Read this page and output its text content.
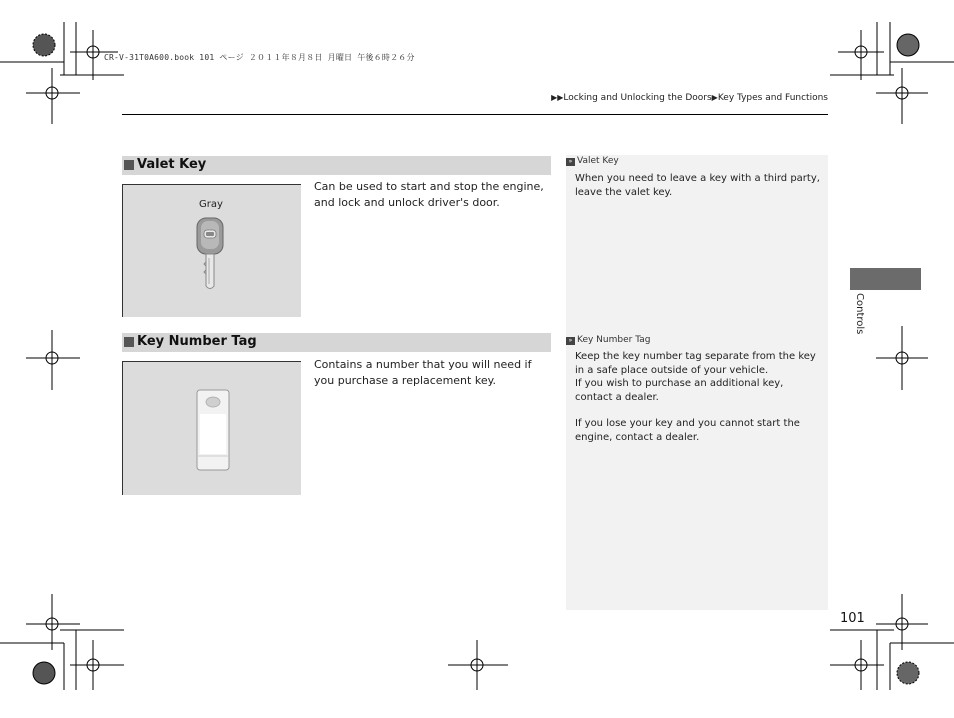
CR-V-31T0A600.book 101 ページ ２０１１年８月８日 月曜日 午後６時２６分
▶▶Locking and Unlocking the Doors▶Key Types and Functions
Valet Key
Gray
Can be used to start and stop the engine, and lock and unlock driver's door.
» Valet Key
When you need to leave a key with a third party, leave the valet key.
Key Number Tag
Contains a number that you will need if you purchase a replacement key.
» Key Number Tag
Keep the key number tag separate from the key in a safe place outside of your vehicle.
If you wish to purchase an additional key, contact a dealer.
If you lose your key and you cannot start the engine, contact a dealer.
Controls
101
